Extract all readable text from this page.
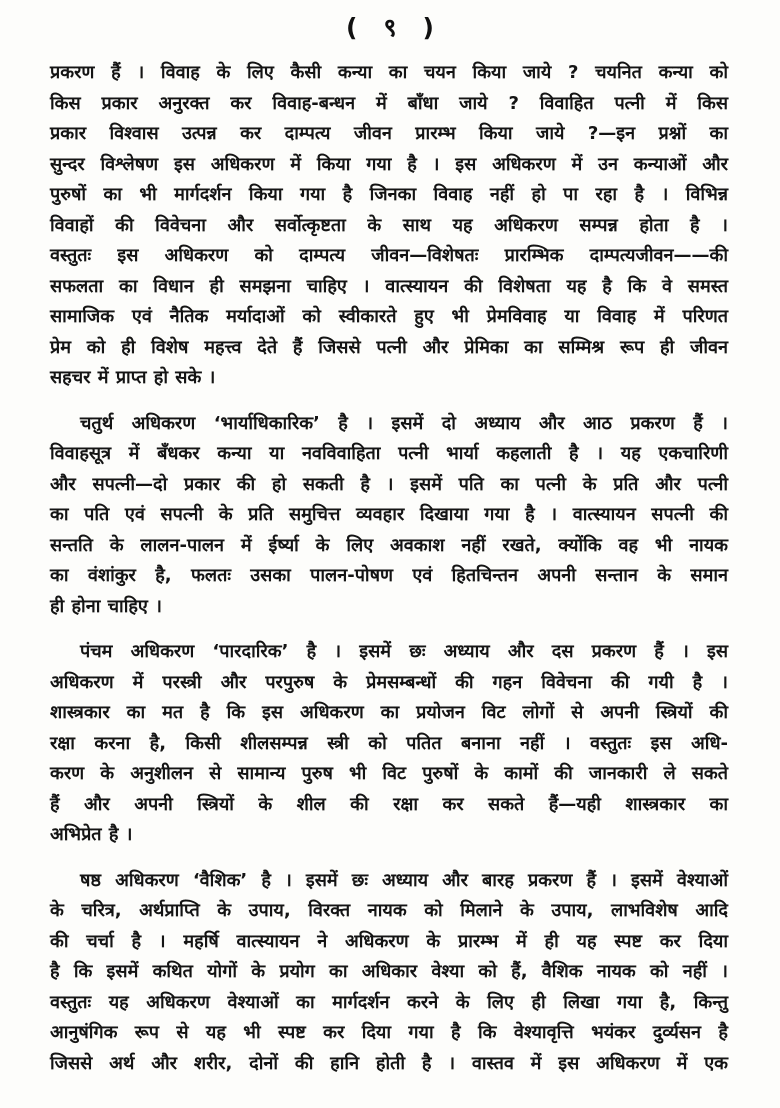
( ९ )
प्रकरण हैं । विवाह के लिए कैसी कन्या का चयन किया जाये ? चयनित कन्या को
किस प्रकार अनुरक्त कर विवाह-बन्धन में बाँधा जाये ? विवाहित पत्नी में किस
प्रकार विश्वास उत्पन्न कर दाम्पत्य जीवन प्रारम्भ किया जाये ?—इन प्रश्नों का
सुन्दर विश्लेषण इस अधिकरण में किया गया है । इस अधिकरण में उन कन्याओं और
पुरुषों का भी मार्गदर्शन किया गया है जिनका विवाह नहीं हो पा रहा है । विभिन्न
विवाहों की विवेचना और सर्वोत्कृष्टता के साथ यह अधिकरण सम्पन्न होता है ।
वस्तुतः इस अधिकरण को दाम्पत्य जीवन—विशेषतः प्रारम्भिक दाम्पत्यजीवन——की
सफलता का विधान ही समझना चाहिए । वात्स्यायन की विशेषता यह है कि वे समस्त
सामाजिक एवं नैतिक मर्यादाओं को स्वीकारते हुए भी प्रेमविवाह या विवाह में परिणत
प्रेम को ही विशेष महत्त्व देते हैं जिससे पत्नी और प्रेमिका का सम्मिश्र रूप ही जीवन
सहचर में प्राप्त हो सके ।
चतुर्थ अधिकरण ‘भार्याधिकारिक’ है । इसमें दो अध्याय और आठ प्रकरण हैं ।
विवाहसूत्र में बँधकर कन्या या नवविवाहिता पत्नी भार्या कहलाती है । यह एकचारिणी
और सपत्नी—दो प्रकार की हो सकती है । इसमें पति का पत्नी के प्रति और पत्नी
का पति एवं सपत्नी के प्रति समुचित्त व्यवहार दिखाया गया है । वात्स्यायन सपत्नी की
सन्तति के लालन-पालन में ईर्ष्या के लिए अवकाश नहीं रखते, क्योंकि वह भी नायक
का वंशांकुर है, फलतः उसका पालन-पोषण एवं हितचिन्तन अपनी सन्तान के समान
ही होना चाहिए ।
पंचम अधिकरण ‘पारदारिक’ है । इसमें छः अध्याय और दस प्रकरण हैं । इस
अधिकरण में परस्त्री और परपुरुष के प्रेमसम्बन्धों की गहन विवेचना की गयी है ।
शास्त्रकार का मत है कि इस अधिकरण का प्रयोजन विट लोगों से अपनी स्त्रियों की
रक्षा करना है, किसी शीलसम्पन्न स्त्री को पतित बनाना नहीं । वस्तुतः इस अधि-
करण के अनुशीलन से सामान्य पुरुष भी विट पुरुषों के कामों की जानकारी ले सकते
हैं और अपनी स्त्रियों के शील की रक्षा कर सकते हैं—यही शास्त्रकार का
अभिप्रेत है ।
षष्ठ अधिकरण ‘वैशिक’ है । इसमें छः अध्याय और बारह प्रकरण हैं । इसमें वेश्याओं
के चरित्र, अर्थप्राप्ति के उपाय, विरक्त नायक को मिलाने के उपाय, लाभविशेष आदि
की चर्चा है । महर्षि वात्स्यायन ने अधिकरण के प्रारम्भ में ही यह स्पष्ट कर दिया
है कि इसमें कथित योगों के प्रयोग का अधिकार वेश्या को हैं, वैशिक नायक को नहीं ।
वस्तुतः यह अधिकरण वेश्याओं का मार्गदर्शन करने के लिए ही लिखा गया है, किन्तु
आनुषंगिक रूप से यह भी स्पष्ट कर दिया गया है कि वेश्यावृत्ति भयंकर दुर्व्यसन है
जिससे अर्थ और शरीर, दोनों की हानि होती है । वास्तव में इस अधिकरण में एक
